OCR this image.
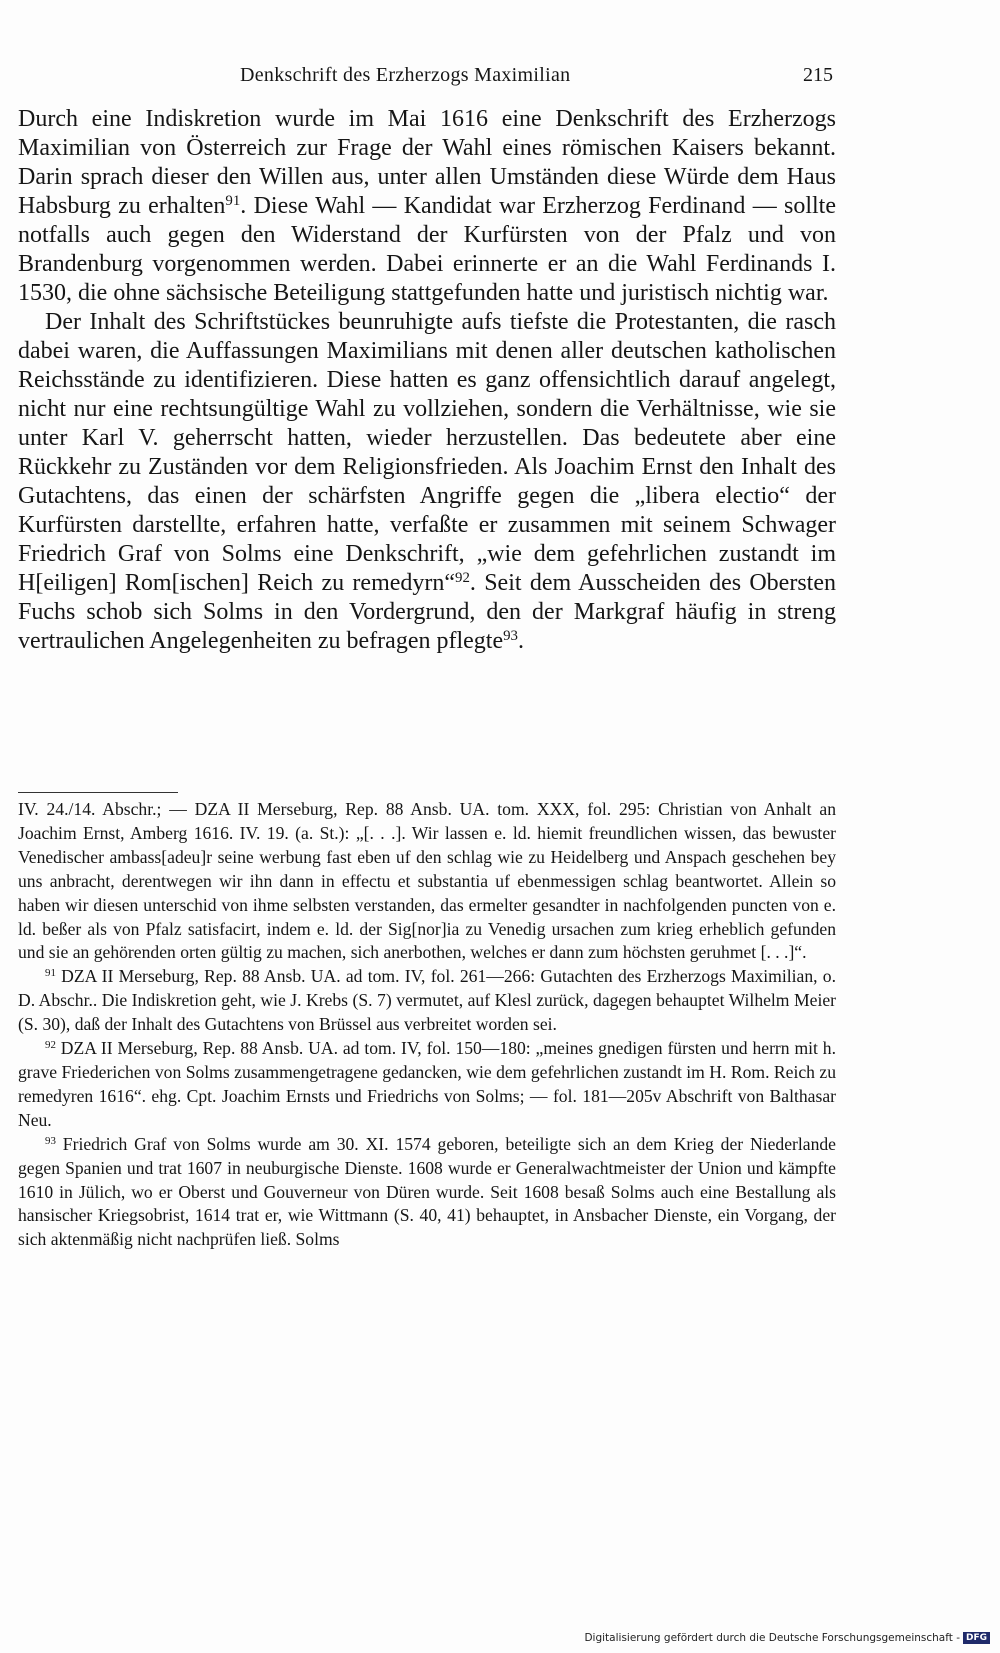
Denkschrift des Erzherzogs Maximilian	215

Durch eine Indiskretion wurde im Mai 1616 eine Denkschrift des Erzherzogs Maximilian von Österreich zur Frage der Wahl eines römischen Kaisers bekannt. Darin sprach dieser den Willen aus, unter allen Umständen diese Würde dem Haus Habsburg zu erhalten$^{91}$. Diese Wahl — Kandidat war Erzherzog Ferdinand — sollte notfalls auch gegen den Widerstand der Kurfürsten von der Pfalz und von Brandenburg vorgenommen werden. Dabei erinnerte er an die Wahl Ferdinands I. 1530, die ohne sächsische Beteiligung stattgefunden hatte und juristisch nichtig war.

Der Inhalt des Schriftstückes beunruhigte aufs tiefste die Protestanten, die rasch dabei waren, die Auffassungen Maximilians mit denen aller deutschen katholischen Reichsstände zu identifizieren. Diese hatten es ganz offensichtlich darauf angelegt, nicht nur eine rechtsungültige Wahl zu vollziehen, sondern die Verhältnisse, wie sie unter Karl V. geherrscht hatten, wieder herzustellen. Das bedeutete aber eine Rückkehr zu Zuständen vor dem Religionsfrieden. Als Joachim Ernst den Inhalt des Gutachtens, das einen der schärfsten Angriffe gegen die „libera electio“ der Kurfürsten darstellte, erfahren hatte, verfaßte er zusammen mit seinem Schwager Friedrich Graf von Solms eine Denkschrift, „wie dem gefehrlichen zustandt im H[eiligen] Rom[ischen] Reich zu remedyrn“$^{92}$. Seit dem Ausscheiden des Obersten Fuchs schob sich Solms in den Vordergrund, den der Markgraf häufig in streng vertraulichen Angelegenheiten zu befragen pflegte$^{93}$.

IV. 24./14. Abschr.; — DZA II Merseburg, Rep. 88 Ansb. UA. tom. XXX, fol. 295: Christian von Anhalt an Joachim Ernst, Amberg 1616. IV. 19. (a. St.): „[. . .]. Wir lassen e. ld. hiemit freundlichen wissen, das bewuster Venedischer ambass[adeu]r seine werbung fast eben uf den schlag wie zu Heidelberg und Anspach geschehen bey uns anbracht, derentwegen wir ihn dann in effectu et substantia uf ebenmessigen schlag beantwortet. Allein so haben wir diesen unterschid von ihme selbsten verstanden, das ermelter gesandter in nachfolgenden puncten von e. ld. beßer als von Pfalz satisfacirt, indem e. ld. der Sig[nor]ia zu Venedig ursachen zum krieg erheblich gefunden und sie an gehörenden orten gültig zu machen, sich anerbothen, welches er dann zum höchsten geruhmet [. . .]“.

$^{91}$ DZA II Merseburg, Rep. 88 Ansb. UA. ad tom. IV, fol. 261—266: Gutachten des Erzherzogs Maximilian, o. D. Abschr.. Die Indiskretion geht, wie J. Krebs (S. 7) vermutet, auf Klesl zurück, dagegen behauptet Wilhelm Meier (S. 30), daß der Inhalt des Gutachtens von Brüssel aus verbreitet worden sei.

$^{92}$ DZA II Merseburg, Rep. 88 Ansb. UA. ad tom. IV, fol. 150—180: „meines gnedigen fürsten und herrn mit h. grave Friederichen von Solms zusammengetragene gedancken, wie dem gefehrlichen zustandt im H. Rom. Reich zu remedyren 1616“. ehg. Cpt. Joachim Ernsts und Friedrichs von Solms; — fol. 181—205v Abschrift von Balthasar Neu.

$^{93}$ Friedrich Graf von Solms wurde am 30. XI. 1574 geboren, beteiligte sich an dem Krieg der Niederlande gegen Spanien und trat 1607 in neuburgische Dienste. 1608 wurde er Generalwachtmeister der Union und kämpfte 1610 in Jülich, wo er Oberst und Gouverneur von Düren wurde. Seit 1608 besaß Solms auch eine Bestallung als hansischer Kriegsobrist, 1614 trat er, wie Wittmann (S. 40, 41) behauptet, in Ansbacher Dienste, ein Vorgang, der sich aktenmäßig nicht nachprüfen ließ. Solms

Digitalisierung gefördert durch die Deutsche Forschungsgemeinschaft - DFG
